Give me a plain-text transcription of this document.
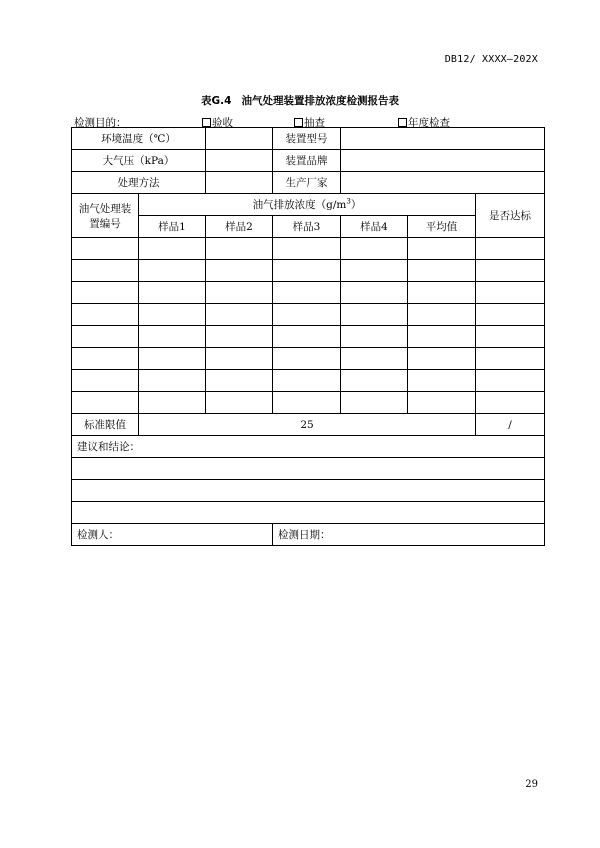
DB12/ XXXX—202X
表G.4 油气处理装置排放浓度检测报告表
检测目的：	验收	抽查	年度检查
环境温度（℃）			装置型号			
大气压（kPa）			装置品牌			
处理方法			生产厂家			
油气处理装
置编号	油气排放浓度$(g/m^3)$					是否达标
	样品1	样品2	样品3	样品4	平均值	

标准限值	25					/
建议和结论：						

检测人：			检测日期：			
29
